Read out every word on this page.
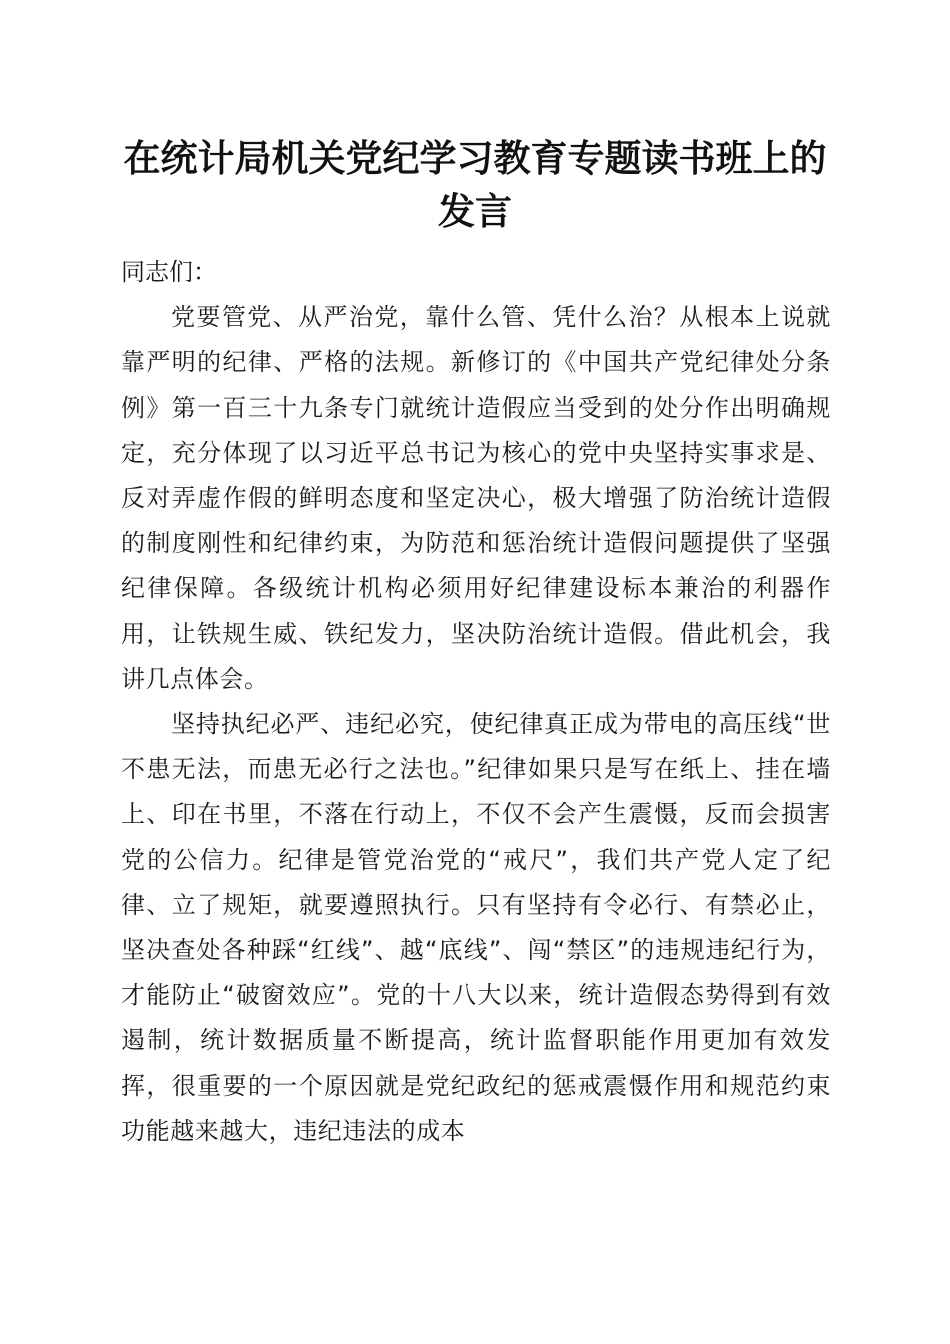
在统计局机关党纪学习教育专题读书班上的发言

同志们：

党要管党、从严治党，靠什么管、凭什么治？从根本上说就靠严明的纪律、严格的法规。新修订的《中国共产党纪律处分条例》第一百三十九条专门就统计造假应当受到的处分作出明确规定，充分体现了以习近平总书记为核心的党中央坚持实事求是、反对弄虚作假的鲜明态度和坚定决心，极大增强了防治统计造假的制度刚性和纪律约束，为防范和惩治统计造假问题提供了坚强纪律保障。各级统计机构必须用好纪律建设标本兼治的利器作用，让铁规生威、铁纪发力，坚决防治统计造假。借此机会，我讲几点体会。

坚持执纪必严、违纪必究，使纪律真正成为带电的高压线“世不患无法，而患无必行之法也。”纪律如果只是写在纸上、挂在墙上、印在书里，不落在行动上，不仅不会产生震慑，反而会损害党的公信力。纪律是管党治党的“戒尺”，我们共产党人定了纪律、立了规矩，就要遵照执行。只有坚持有令必行、有禁必止，坚决查处各种踩“红线”、越“底线”、闯“禁区”的违规违纪行为，才能防止“破窗效应”。党的十八大以来，统计造假态势得到有效遏制，统计数据质量不断提高，统计监督职能作用更加有效发挥，很重要的一个原因就是党纪政纪的惩戒震慑作用和规范约束功能越来越大，违纪违法的成本
